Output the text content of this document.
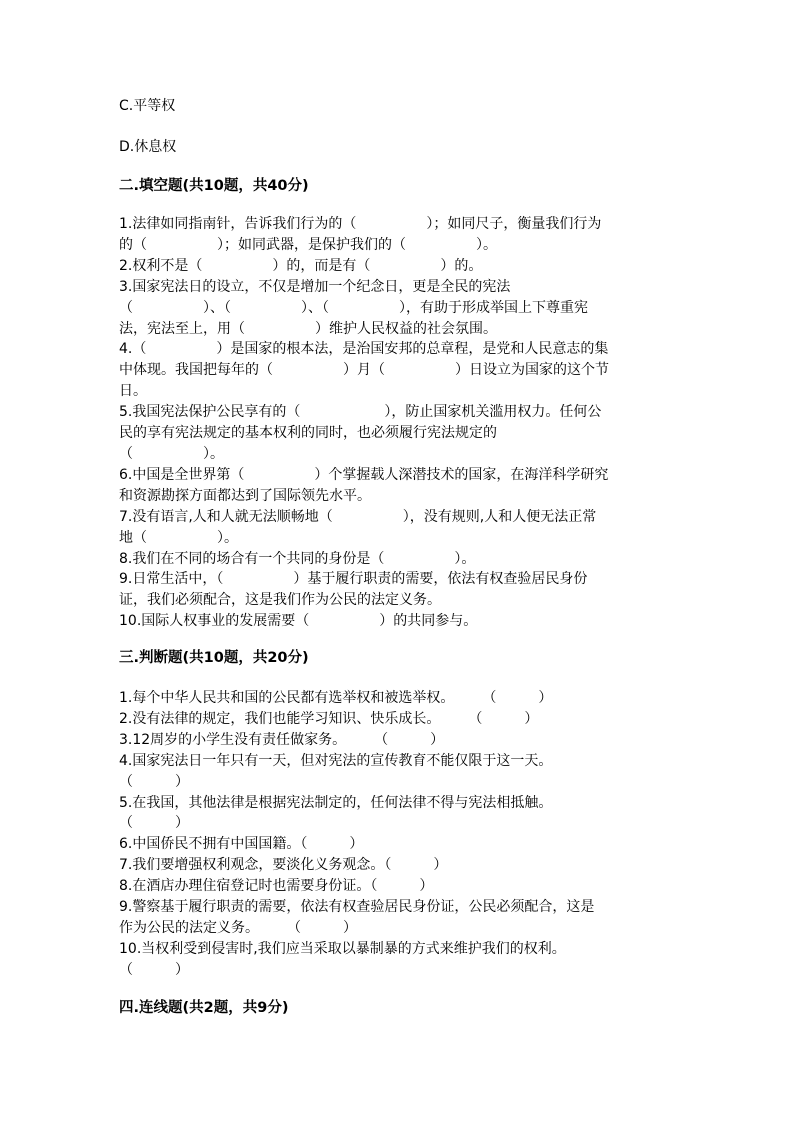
C.平等权
D.休息权
二.填空题(共10题，共40分)
1.法律如同指南针，告诉我们行为的（　　　　　）；如同尺子，衡量我们行为
的（　　　　　）；如同武器，是保护我们的（　　　　　）。
2.权利不是（　　　　　）的，而是有（　　　　　）的。
3.国家宪法日的设立，不仅是增加一个纪念日，更是全民的宪法
（　　　　　）、（　　　　　）、（　　　　　），有助于形成举国上下尊重宪
法，宪法至上，用（　　　　　）维护人民权益的社会氛围。
4.（　　　　　）是国家的根本法，是治国安邦的总章程，是党和人民意志的集
中体现。我国把每年的（　　　　　）月（　　　　　）日设立为国家的这个节
日。
5.我国宪法保护公民享有的（　　　　　　），防止国家机关滥用权力。任何公
民的享有宪法规定的基本权利的同时，也必须履行宪法规定的
（　　　　　）。
6.中国是全世界第（　　　　　）个掌握载人深潜技术的国家，在海洋科学研究
和资源勘探方面都达到了国际领先水平。
7.没有语言,人和人就无法顺畅地（　　　　　），没有规则,人和人便无法正常
地（　　　　　）。
8.我们在不同的场合有一个共同的身份是（　　　　　）。
9.日常生活中，（　　　　　）基于履行职责的需要，依法有权查验居民身份
证，我们必须配合，这是我们作为公民的法定义务。
10.国际人权事业的发展需要（　　　　　）的共同参与。
三.判断题(共10题，共20分)
1.每个中华人民共和国的公民都有选举权和被选举权。　　　（　　　）
2.没有法律的规定，我们也能学习知识、快乐成长。　　　（　　　）
3.12周岁的小学生没有责任做家务。　　　（　　　）
4.国家宪法日一年只有一天，但对宪法的宣传教育不能仅限于这一天。
（　　　）
5.在我国，其他法律是根据宪法制定的，任何法律不得与宪法相抵触。
（　　　）
6.中国侨民不拥有中国国籍。（　　　）
7.我们要增强权利观念，要淡化义务观念。（　　　）
8.在酒店办理住宿登记时也需要身份证。（　　　）
9.警察基于履行职责的需要，依法有权查验居民身份证，公民必须配合，这是
作为公民的法定义务。　　　（　　　）
10.当权利受到侵害时,我们应当采取以暴制暴的方式来维护我们的权利。
（　　　）
四.连线题(共2题，共9分)
